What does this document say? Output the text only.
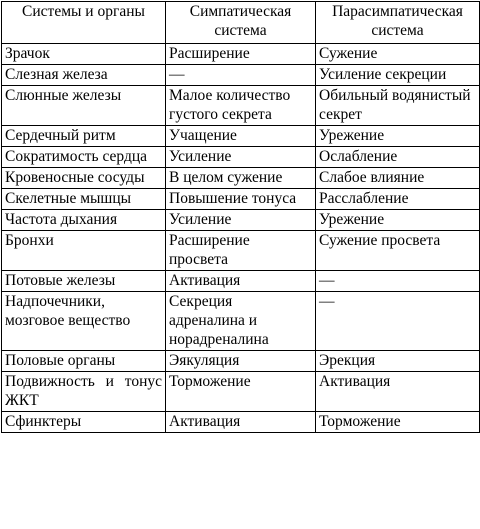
Системы и органы	Симпатическая система	Парасимпатическая система
Зрачок	Расширение	Сужение
Слезная железа	—	Усиление секреции
Слюнные железы	Малое количество густого секрета	Обильный водянистый секрет
Сердечный ритм	Учащение	Урежение
Сократимость сердца	Усиление	Ослабление
Кровеносные сосуды	В целом сужение	Слабое влияние
Скелетные мышцы	Повышение тонуса	Расслабление
Частота дыхания	Усиление	Урежение
Бронхи	Расширение просвета	Сужение просвета
Потовые железы	Активация	—
Надпочечники, мозговое вещество	Секреция адреналина и норадреналина	—
Половые органы	Эякуляция	Эрекция
Подвижность и тонус ЖКТ	Торможение	Активация
Сфинктеры	Активация	Торможение
